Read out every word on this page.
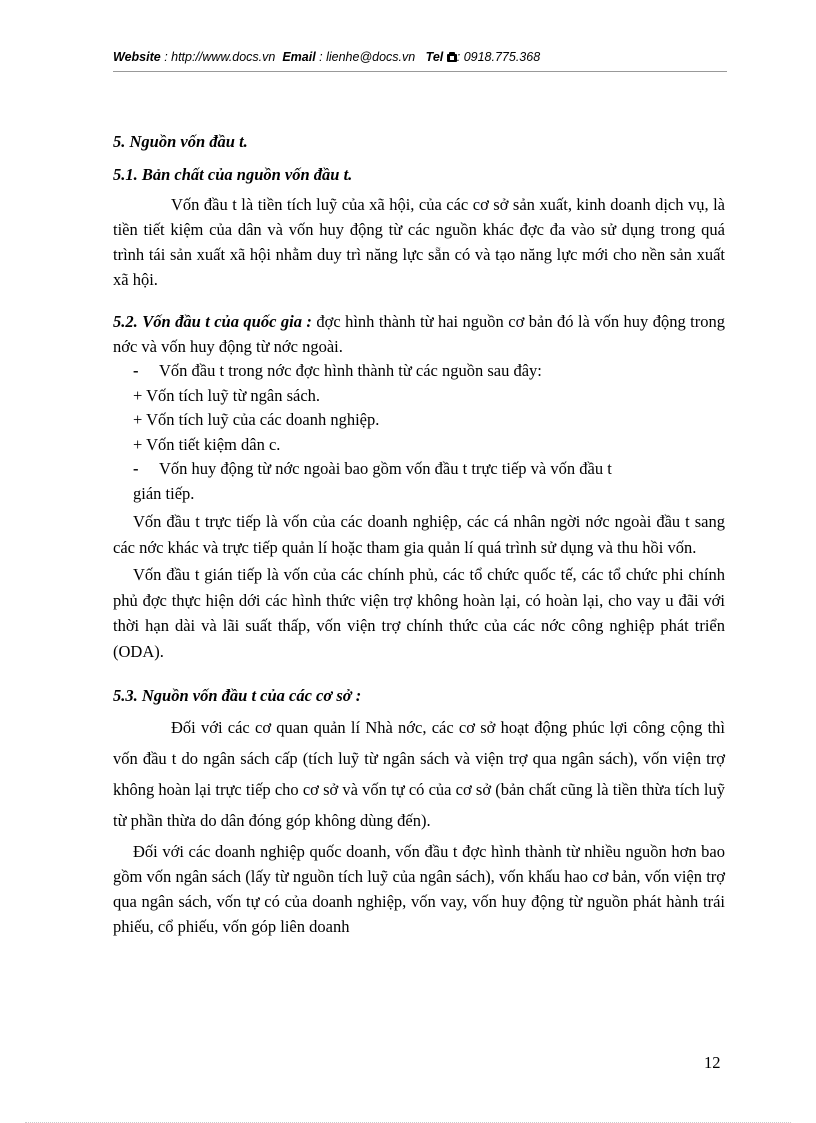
Website : http://www.docs.vn Email : lienhe@docs.vn Tel : 0918.775.368

5. Nguồn vốn đầu t.

5.1. Bản chất của nguồn vốn đầu t.

Vốn đầu t là tiền tích luỹ của xã hội, của các cơ sở sản xuất, kinh doanh dịch vụ, là tiền tiết kiệm của dân và vốn huy động từ các nguồn khác đợc đa vào sử dụng trong quá trình tái sản xuất xã hội nhằm duy trì năng lực sẵn có và tạo năng lực mới cho nền sản xuất xã hội.

5.2. Vốn đầu t của quốc gia : đợc hình thành từ hai nguồn cơ bản đó là vốn huy động trong nớc và vốn huy động từ nớc ngoài.

- Vốn đầu t trong nớc đợc hình thành từ các nguồn sau đây:

+ Vốn tích luỹ từ ngân sách.

+ Vốn tích luỹ của các doanh nghiệp.

+ Vốn tiết kiệm dân c.

- Vốn huy động từ nớc ngoài bao gồm vốn đầu t trực tiếp và vốn đầu t

gián tiếp.

Vốn đầu t trực tiếp là vốn của các doanh nghiệp, các cá nhân ngời nớc ngoài đầu t sang các nớc khác và trực tiếp quản lí hoặc tham gia quản lí quá trình sử dụng và thu hồi vốn.

Vốn đầu t gián tiếp là vốn của các chính phủ, các tổ chức quốc tế, các tổ chức phi chính phủ đợc thực hiện dới các hình thức viện trợ không hoàn lại, có hoàn lại, cho vay u đãi với thời hạn dài và lãi suất thấp, vốn viện trợ chính thức của các nớc công nghiệp phát triển (ODA).

5.3. Nguồn vốn đầu t của các cơ sở :

Đối với các cơ quan quản lí Nhà nớc, các cơ sở hoạt động phúc lợi công cộng thì vốn đầu t do ngân sách cấp (tích luỹ từ ngân sách và viện trợ qua ngân sách), vốn viện trợ không hoàn lại trực tiếp cho cơ sở và vốn tự có của cơ sở (bản chất cũng là tiền thừa tích luỹ từ phần thừa do dân đóng góp không dùng đến).

Đối với các doanh nghiệp quốc doanh, vốn đầu t đợc hình thành từ nhiều nguồn hơn bao gồm vốn ngân sách (lấy từ nguồn tích luỹ của ngân sách), vốn khấu hao cơ bản, vốn viện trợ qua ngân sách, vốn tự có của doanh nghiệp, vốn vay, vốn huy động từ nguồn phát hành trái phiếu, cổ phiếu, vốn góp liên doanh

12
